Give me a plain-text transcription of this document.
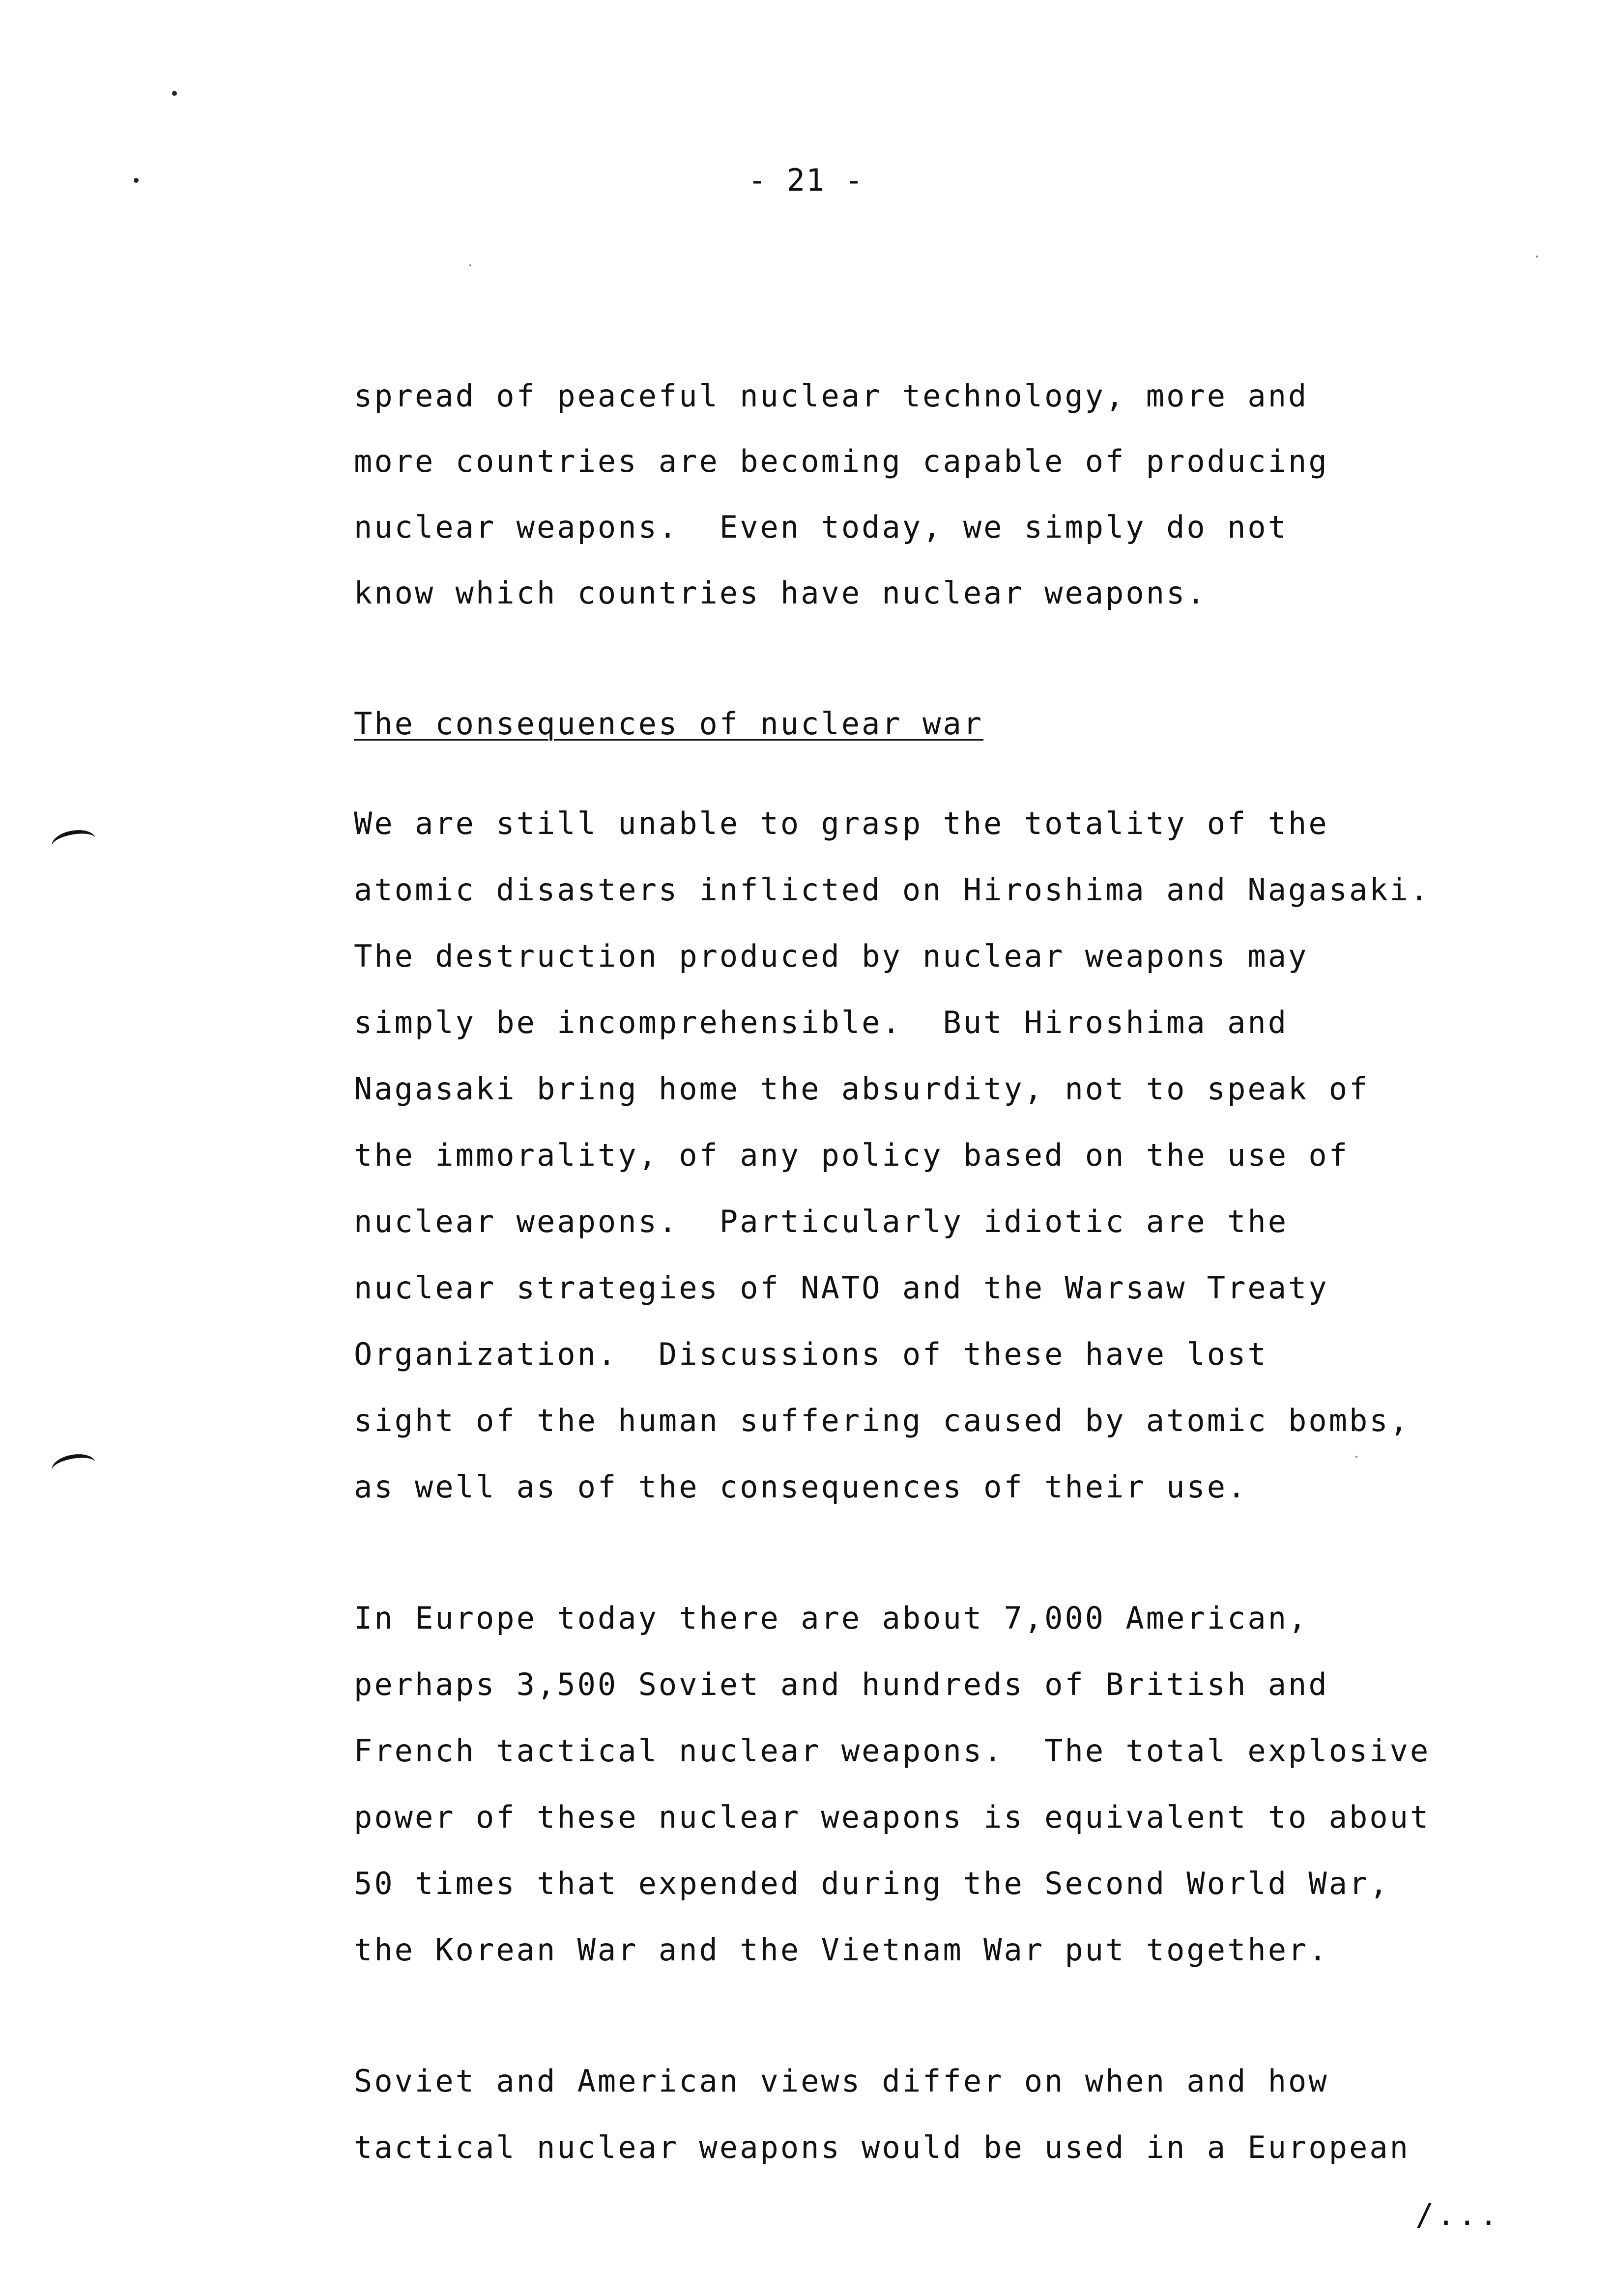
- 21 -
spread of peaceful nuclear technology, more and
more countries are becoming capable of producing
nuclear weapons.  Even today, we simply do not
know which countries have nuclear weapons.
The consequences of nuclear war
We are still unable to grasp the totality of the
atomic disasters inflicted on Hiroshima and Nagasaki.
The destruction produced by nuclear weapons may
simply be incomprehensible.  But Hiroshima and
Nagasaki bring home the absurdity, not to speak of
the immorality, of any policy based on the use of
nuclear weapons.  Particularly idiotic are the
nuclear strategies of NATO and the Warsaw Treaty
Organization.  Discussions of these have lost
sight of the human suffering caused by atomic bombs,
as well as of the consequences of their use.
In Europe today there are about 7,000 American,
perhaps 3,500 Soviet and hundreds of British and
French tactical nuclear weapons.  The total explosive
power of these nuclear weapons is equivalent to about
50 times that expended during the Second World War,
the Korean War and the Vietnam War put together.
Soviet and American views differ on when and how
tactical nuclear weapons would be used in a European
/...
